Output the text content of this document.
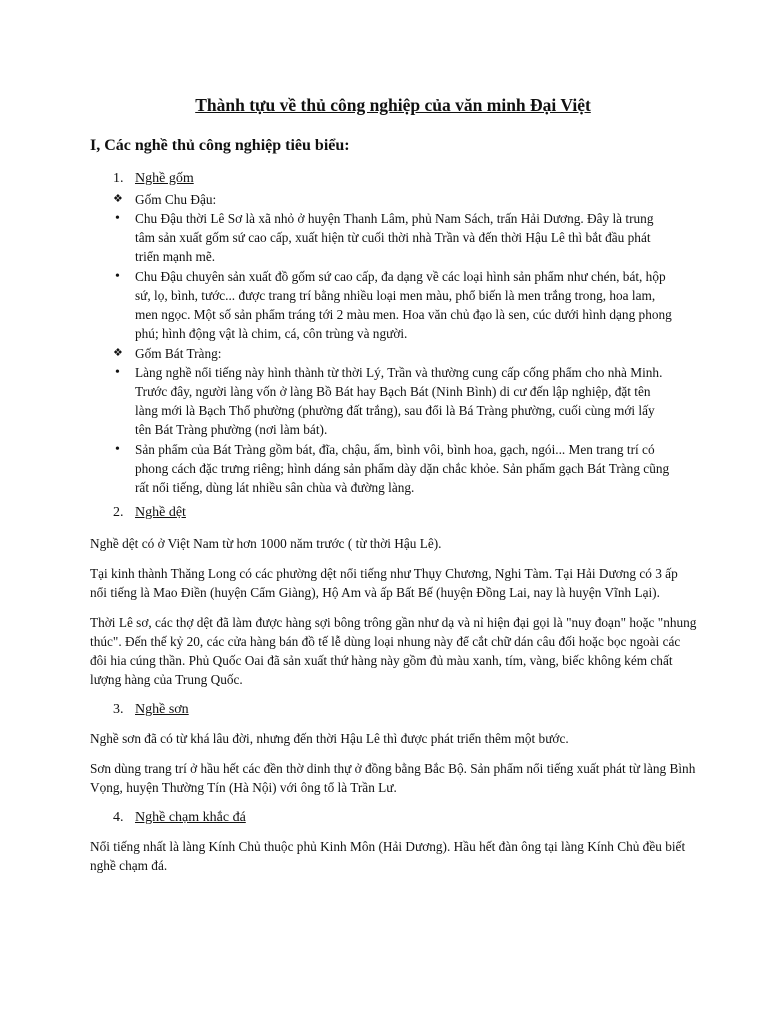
Thành tựu về thủ công nghiệp của văn minh Đại Việt
I, Các nghề thủ công nghiệp tiêu biểu:
1. Nghề gốm
❖ Gốm Chu Đậu:
• Chu Đậu thời Lê Sơ là xã nhỏ ở huyện Thanh Lâm, phủ Nam Sách, trấn Hải Dương. Đây là trung tâm sản xuất gốm sứ cao cấp, xuất hiện từ cuối thời nhà Trần và đến thời Hậu Lê thì bắt đầu phát triển mạnh mẽ.
• Chu Đậu chuyên sản xuất đồ gốm sứ cao cấp, đa dạng về các loại hình sản phẩm như chén, bát, hộp sứ, lọ, bình, tước... được trang trí bằng nhiều loại men màu, phổ biến là men trắng trong, hoa lam, men ngọc. Một số sản phẩm tráng tới 2 màu men. Hoa văn chủ đạo là sen, cúc dưới hình dạng phong phú; hình động vật là chim, cá, côn trùng và người.
❖ Gốm Bát Tràng:
• Làng nghề nổi tiếng này hình thành từ thời Lý, Trần và thường cung cấp cống phẩm cho nhà Minh. Trước đây, người làng vốn ở làng Bồ Bát hay Bạch Bát (Ninh Bình) di cư đến lập nghiệp, đặt tên làng mới là Bạch Thổ phường (phường đất trắng), sau đổi là Bá Tràng phường, cuối cùng mới lấy tên Bát Tràng phường (nơi làm bát).
• Sản phẩm của Bát Tràng gồm bát, đĩa, chậu, ấm, bình vôi, bình hoa, gạch, ngói... Men trang trí có phong cách đặc trưng riêng; hình dáng sản phẩm dày dặn chắc khỏe. Sản phẩm gạch Bát Tràng cũng rất nổi tiếng, dùng lát nhiều sân chùa và đường làng.
2. Nghề dệt

Nghề dệt có ở Việt Nam từ hơn 1000 năm trước ( từ thời Hậu Lê).

Tại kinh thành Thăng Long có các phường dệt nổi tiếng như Thụy Chương, Nghi Tàm. Tại Hải Dương có 3 ấp nổi tiếng là Mao Điền (huyện Cẩm Giàng), Hộ Am và ấp Bất Bế (huyện Đồng Lai, nay là huyện Vĩnh Lại).

Thời Lê sơ, các thợ dệt đã làm được hàng sợi bông trông gần như dạ và nỉ hiện đại gọi là "nuy đoạn" hoặc "nhung thúc". Đến thế kỷ 20, các cửa hàng bán đồ tế lễ dùng loại nhung này để cắt chữ dán câu đối hoặc bọc ngoài các đôi hia cúng thần. Phủ Quốc Oai đã sản xuất thứ hàng này gồm đủ màu xanh, tím, vàng, biếc không kém chất lượng hàng của Trung Quốc.

3. Nghề sơn

Nghề sơn đã có từ khá lâu đời, nhưng đến thời Hậu Lê thì được phát triển thêm một bước.

Sơn dùng trang trí ở hầu hết các đền thờ dinh thự ở đồng bằng Bắc Bộ. Sản phẩm nổi tiếng xuất phát từ làng Bình Vọng, huyện Thường Tín (Hà Nội) với ông tổ là Trần Lư.

4. Nghề chạm khắc đá

Nổi tiếng nhất là làng Kính Chủ thuộc phủ Kinh Môn (Hải Dương). Hầu hết đàn ông tại làng Kính Chủ đều biết nghề chạm đá.
